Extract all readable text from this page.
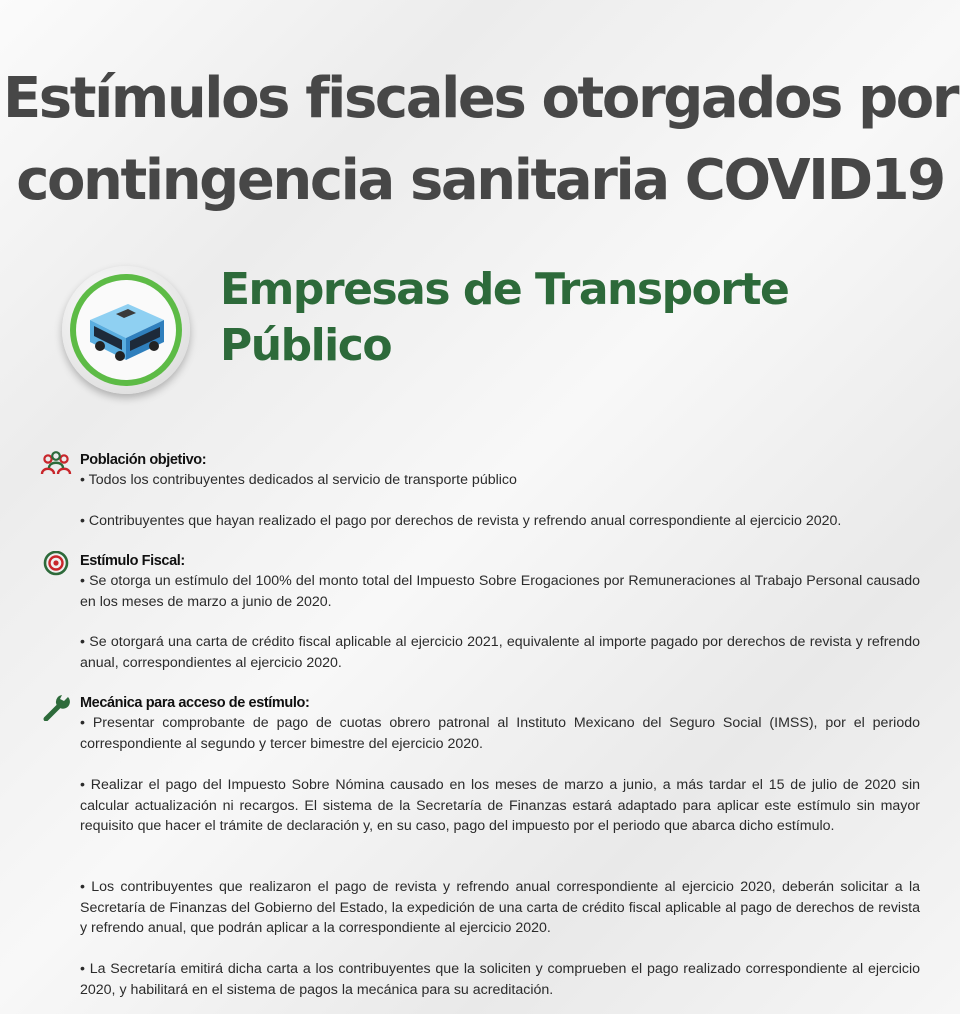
Estímulos fiscales otorgados por
contingencia sanitaria COVID19
Empresas de Transporte
Público
Población objetivo:

• Todos los contribuyentes dedicados al servicio de transporte público

• Contribuyentes que hayan realizado el pago por derechos de revista y refrendo anual correspondiente al ejercicio 2020.

Estímulo Fiscal:

• Se otorga un estímulo del 100% del monto total del Impuesto Sobre Erogaciones por Remuneraciones al Trabajo Personal causado en los meses de marzo a junio de 2020.

• Se otorgará una carta de crédito fiscal aplicable al ejercicio 2021, equivalente al importe pagado por derechos de revista y refrendo anual, correspondientes al ejercicio 2020.

Mecánica para acceso de estímulo:

• Presentar comprobante de pago de cuotas obrero patronal al Instituto Mexicano del Seguro Social (IMSS), por el periodo correspondiente al segundo y tercer bimestre del ejercicio 2020.

• Realizar el pago del Impuesto Sobre Nómina causado en los meses de marzo a junio, a más tardar el 15 de julio de 2020 sin calcular actualización ni recargos. El sistema de la Secretaría de Finanzas estará adaptado para aplicar este estímulo sin mayor requisito que hacer el trámite de declaración y, en su caso, pago del impuesto por el periodo que abarca dicho estímulo.

• Los contribuyentes que realizaron el pago de revista y refrendo anual correspondiente al ejercicio 2020, deberán solicitar a la Secretaría de Finanzas del Gobierno del Estado, la expedición de una carta de crédito fiscal aplicable al pago de derechos de revista y refrendo anual, que podrán aplicar a la correspondiente al ejercicio 2020.

• La Secretaría emitirá dicha carta a los contribuyentes que la soliciten y comprueben el pago realizado correspondiente al ejercicio 2020, y habilitará en el sistema de pagos la mecánica para su acreditación.
